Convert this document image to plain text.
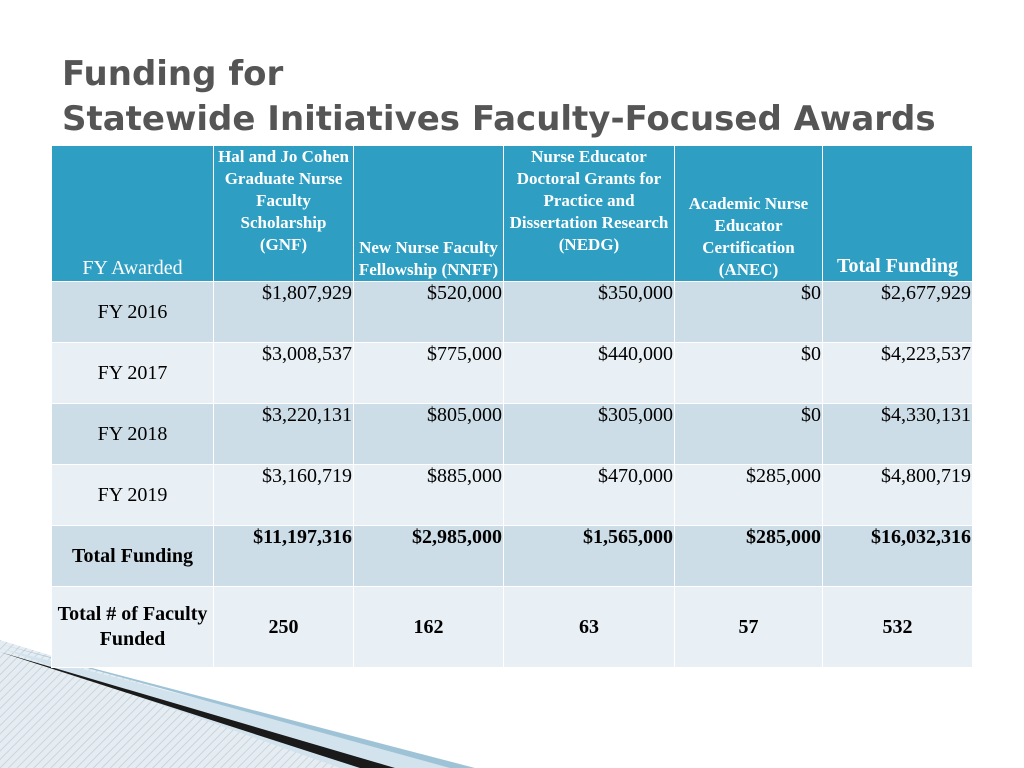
Funding for
Statewide Initiatives Faculty-Focused Awards
FY Awarded	Hal and Jo Cohen Graduate Nurse Faculty Scholarship (GNF)	New Nurse Faculty Fellowship (NNFF)	Nurse Educator Doctoral Grants for Practice and Dissertation Research (NEDG)	Academic Nurse Educator Certification (ANEC)	Total Funding
FY 2016	$1,807,929	$520,000	$350,000	$0	$2,677,929
FY 2017	$3,008,537	$775,000	$440,000	$0	$4,223,537
FY 2018	$3,220,131	$805,000	$305,000	$0	$4,330,131
FY 2019	$3,160,719	$885,000	$470,000	$285,000	$4,800,719
Total Funding	$11,197,316	$2,985,000	$1,565,000	$285,000	$16,032,316
Total # of Faculty Funded	250	162	63	57	532
